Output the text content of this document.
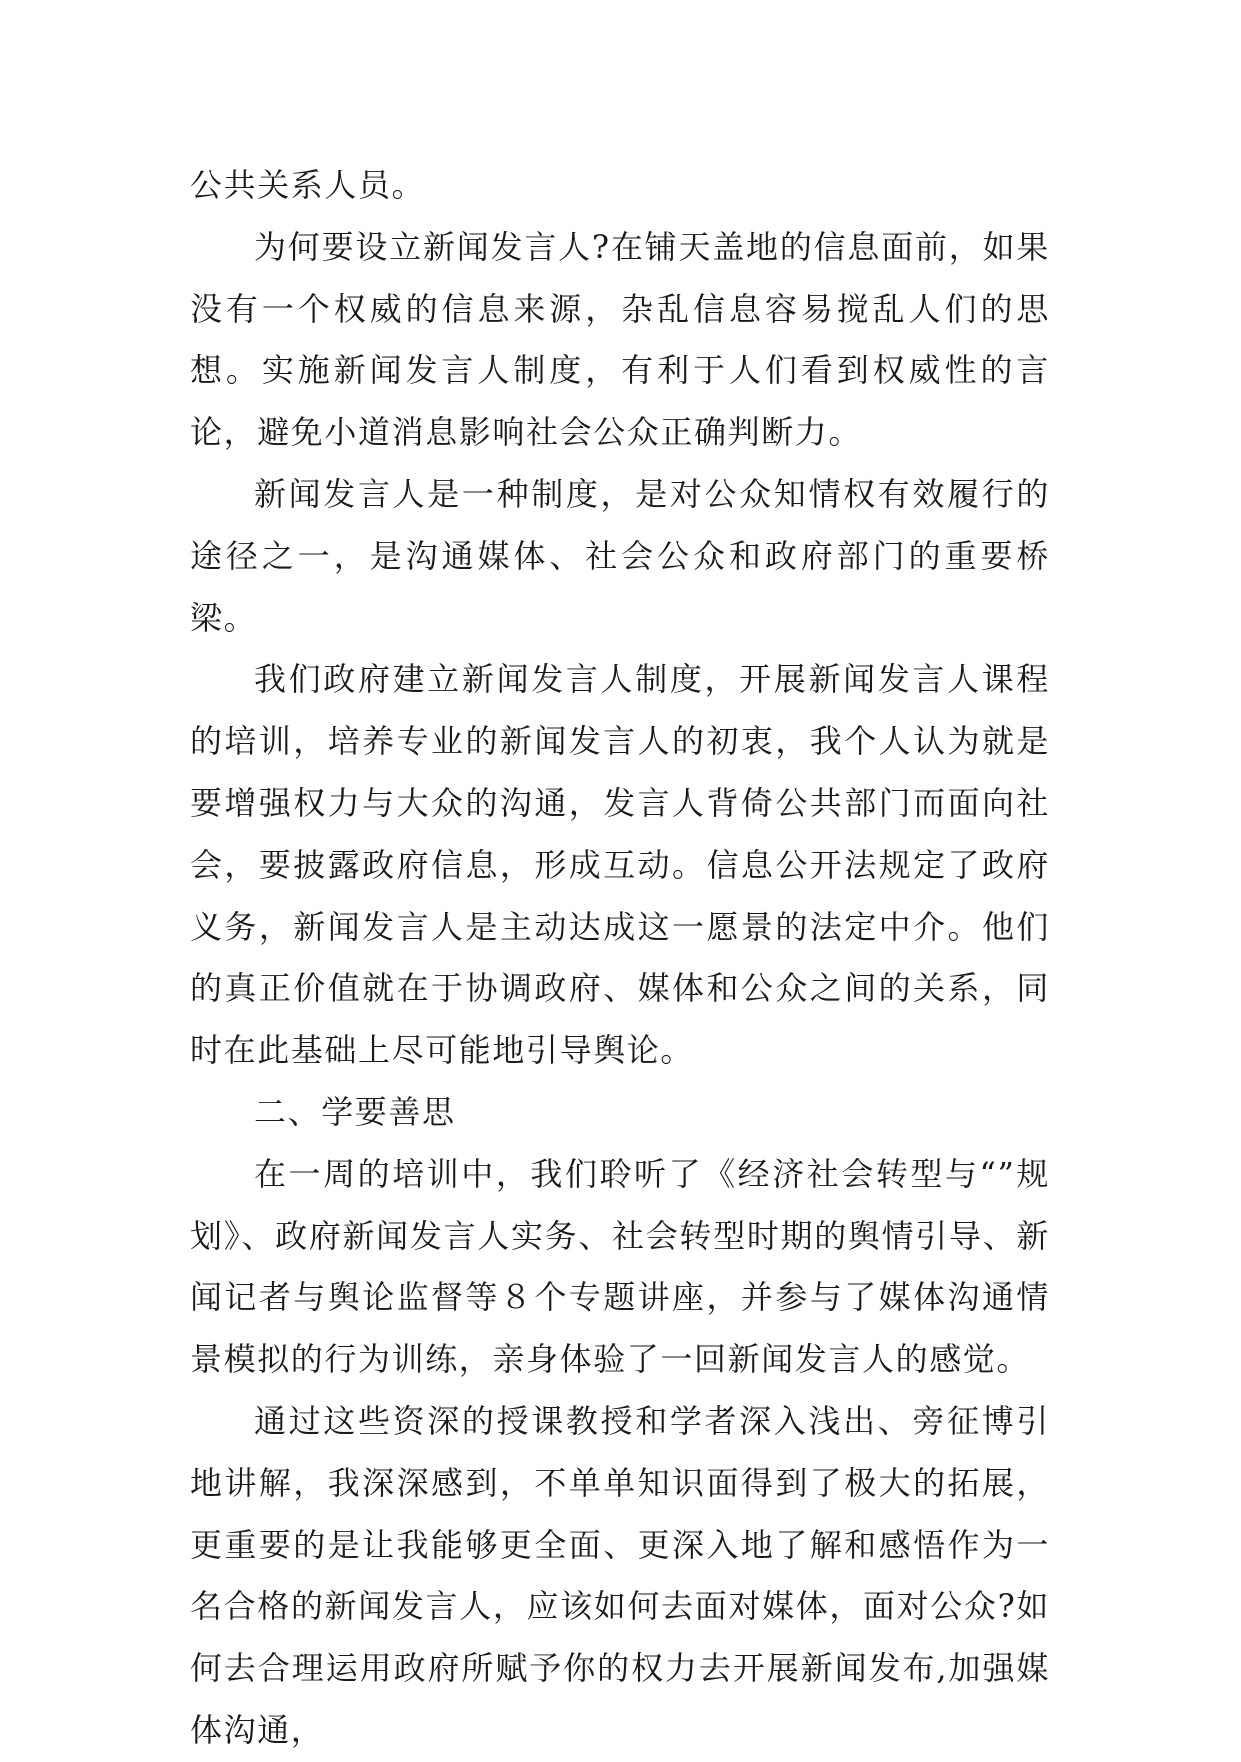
公共关系人员。

为何要设立新闻发言人?在铺天盖地的信息面前，如果没有一个权威的信息来源，杂乱信息容易搅乱人们的思想。实施新闻发言人制度，有利于人们看到权威性的言论，避免小道消息影响社会公众正确判断力。

新闻发言人是一种制度，是对公众知情权有效履行的途径之一，是沟通媒体、社会公众和政府部门的重要桥梁。

我们政府建立新闻发言人制度，开展新闻发言人课程的培训，培养专业的新闻发言人的初衷，我个人认为就是要增强权力与大众的沟通，发言人背倚公共部门而面向社会，要披露政府信息，形成互动。信息公开法规定了政府义务，新闻发言人是主动达成这一愿景的法定中介。他们的真正价值就在于协调政府、媒体和公众之间的关系，同时在此基础上尽可能地引导舆论。

二、学要善思

在一周的培训中，我们聆听了《经济社会转型与“”规划》、政府新闻发言人实务、社会转型时期的舆情引导、新闻记者与舆论监督等８个专题讲座，并参与了媒体沟通情景模拟的行为训练，亲身体验了一回新闻发言人的感觉。

通过这些资深的授课教授和学者深入浅出、旁征博引地讲解，我深深感到，不单单知识面得到了极大的拓展，更重要的是让我能够更全面、更深入地了解和感悟作为一名合格的新闻发言人，应该如何去面对媒体，面对公众?如何去合理运用政府所赋予你的权力去开展新闻发布,加强媒体沟通，
